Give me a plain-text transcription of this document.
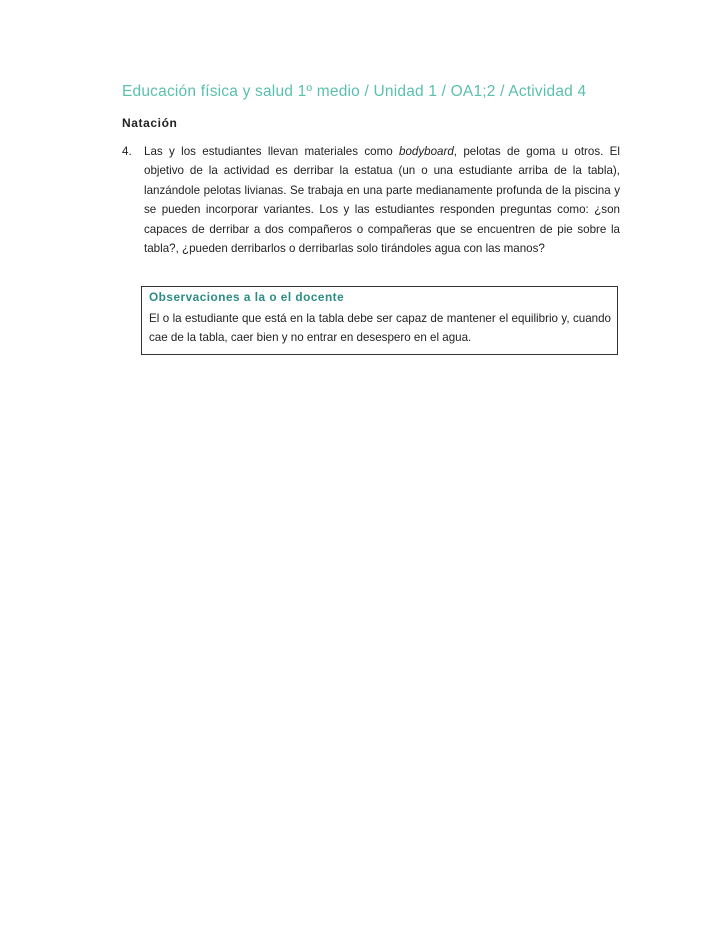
Educación física y salud 1º medio / Unidad 1 / OA1;2 / Actividad 4
Natación
4. Las y los estudiantes llevan materiales como bodyboard, pelotas de goma u otros. El objetivo de la actividad es derribar la estatua (un o una estudiante arriba de la tabla), lanzándole pelotas livianas. Se trabaja en una parte medianamente profunda de la piscina y se pueden incorporar variantes. Los y las estudiantes responden preguntas como: ¿son capaces de derribar a dos compañeros o compañeras que se encuentren de pie sobre la tabla?, ¿pueden derribarlos o derribarlas solo tirándoles agua con las manos?
Observaciones a la o el docente
El o la estudiante que está en la tabla debe ser capaz de mantener el equilibrio y, cuando cae de la tabla, caer bien y no entrar en desespero en el agua.
